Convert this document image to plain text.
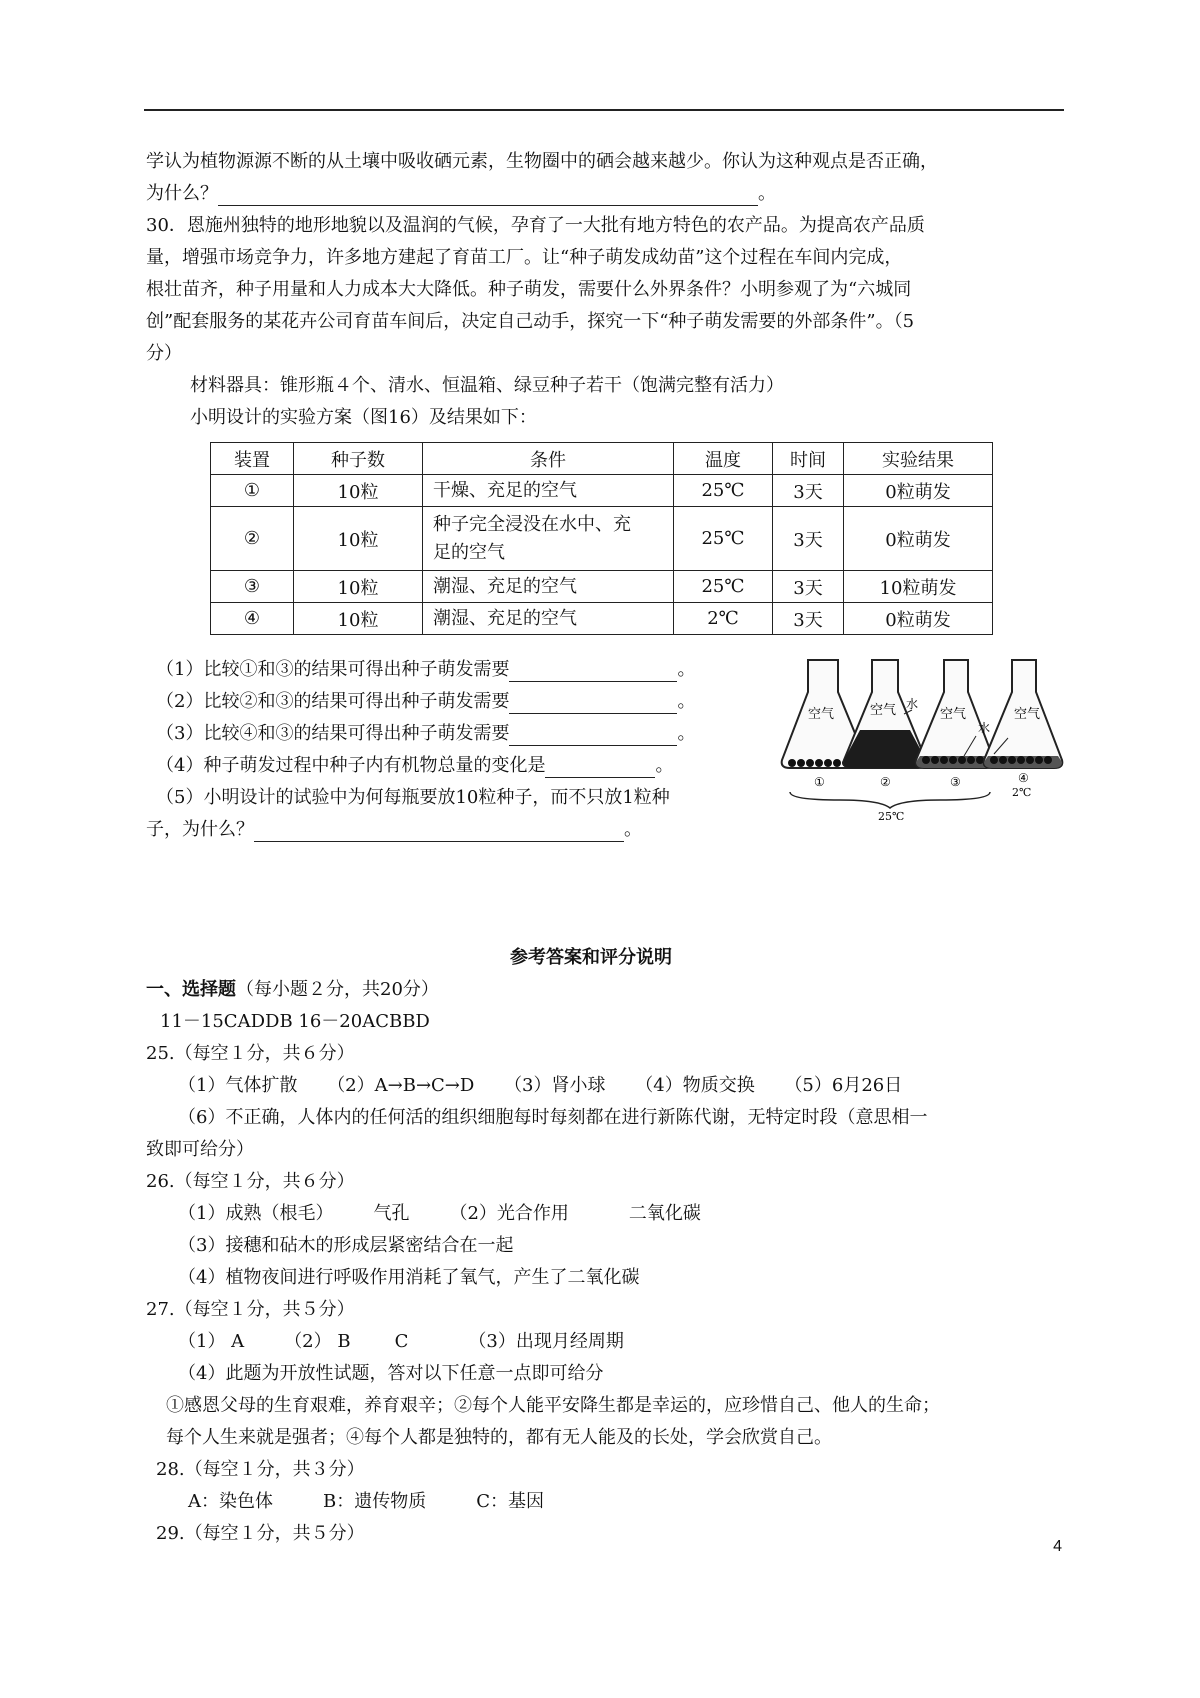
学认为植物源源不断的从土壤中吸收硒元素，生物圈中的硒会越来越少。你认为这种观点是否正确，
为什么？	。
30．恩施州独特的地形地貌以及温润的气候，孕育了一大批有地方特色的农产品。为提高农产品质
量，增强市场竞争力，许多地方建起了育苗工厂。让“种子萌发成幼苗”这个过程在车间内完成，
根壮苗齐，种子用量和人力成本大大降低。种子萌发，需要什么外界条件？小明参观了为“六城同
创”配套服务的某花卉公司育苗车间后，决定自己动手，探究一下“种子萌发需要的外部条件”。（5
分）
材料器具：锥形瓶４个、清水、恒温箱、绿豆种子若干（饱满完整有活力）
小明设计的实验方案（图16）及结果如下：
装置	种子数	条件	温度	时间	实验结果
①	10粒	干燥、充足的空气	25℃	3天	0粒萌发
②	10粒	种子完全浸没在水中、充
足的空气	25℃	3天	0粒萌发
③	10粒	潮湿、充足的空气	25℃	3天	10粒萌发
④	10粒	潮湿、充足的空气	2℃	3天	0粒萌发
（1）比较①和③的结果可得出种子萌发需要	。
（2）比较②和③的结果可得出种子萌发需要	。
（3）比较④和③的结果可得出种子萌发需要	。
（4）种子萌发过程中种子内有机物总量的变化是	。
（5）小明设计的试验中为何每瓶要放10粒种子，而不只放1粒种
子，为什么？	。
空气
①
空气 水
②
空气
水
③
空气
④
2℃
25℃
参考答案和评分说明
一、选择题（每小题２分，共20分）
11－15CADDB 16－20ACBBD
25.（每空１分，共６分）
（1）气体扩散 （2）A→B→C→D （3）肾小球 （4）物质交换 （5）6月26日
（6）不正确，人体内的任何活的组织细胞每时每刻都在进行新陈代谢，无特定时段（意思相一
致即可给分）
26.（每空１分，共６分）
（1）成熟（根毛） 气孔 （2）光合作用	二氧化碳
（3）接穗和砧木的形成层紧密结合在一起
（4）植物夜间进行呼吸作用消耗了氧气，产生了二氧化碳
27.（每空１分，共５分）
（1） A （2） B C	（3）出现月经周期
（4）此题为开放性试题，答对以下任意一点即可给分
①感恩父母的生育艰难，养育艰辛；②每个人能平安降生都是幸运的，应珍惜自己、他人的生命；
每个人生来就是强者；④每个人都是独特的，都有无人能及的长处，学会欣赏自己。
28.（每空１分，共３分）
A：染色体	B：遗传物质	C：基因
29.（每空１分，共５分）
4
